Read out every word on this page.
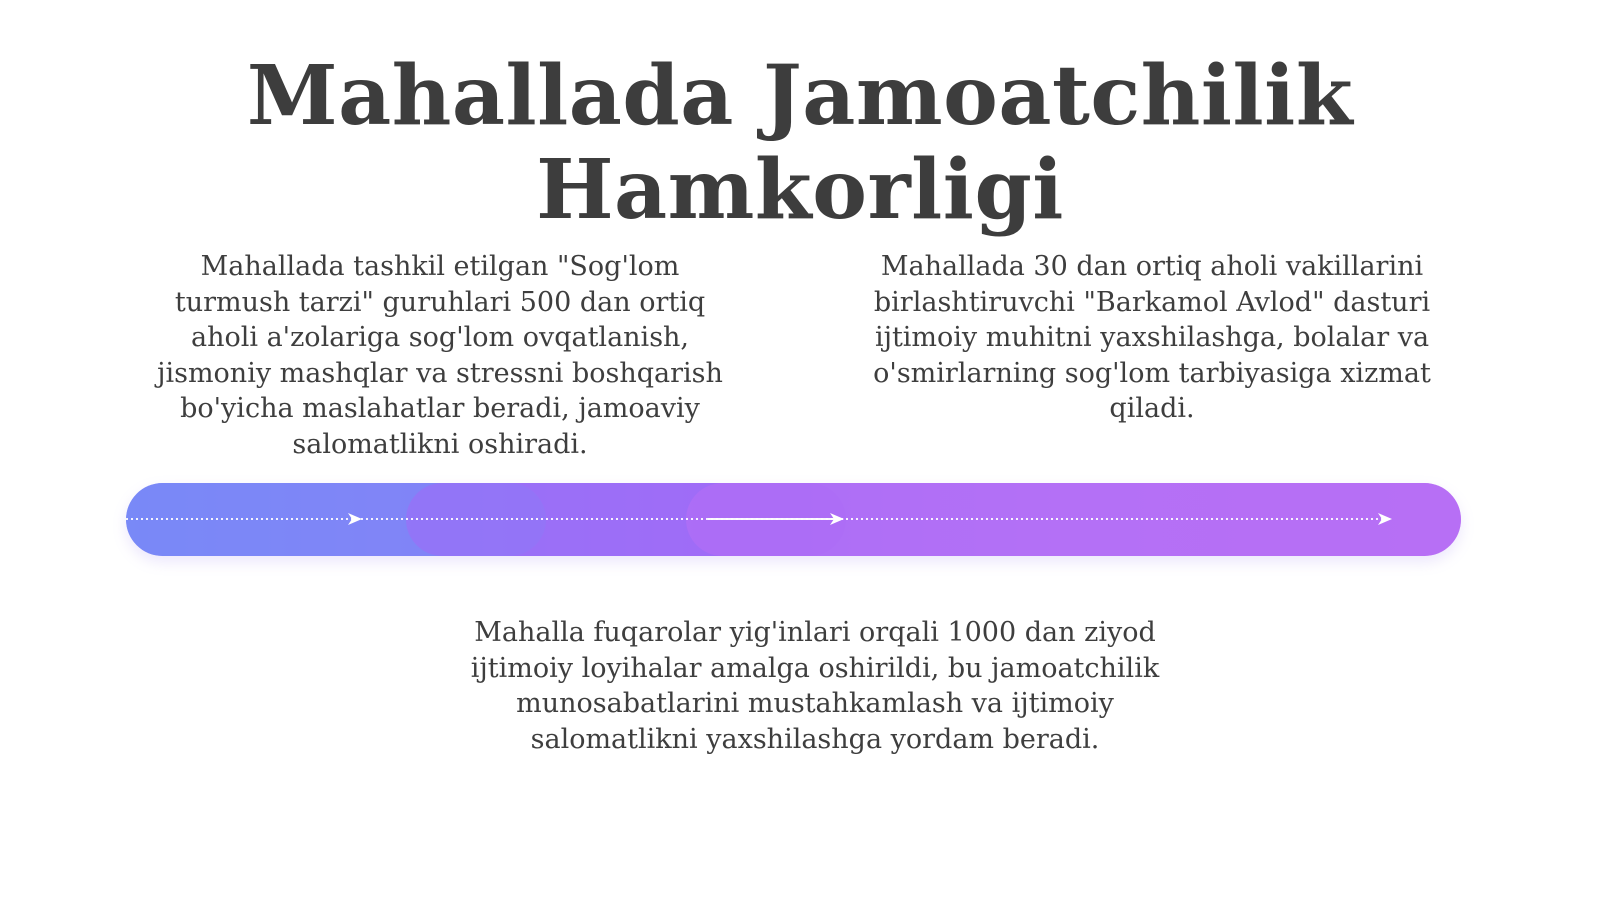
Mahallada Jamoatchilik
Hamkorligi

Mahallada tashkil etilgan "Sog'lom turmush tarzi" guruhlari 500 dan ortiq aholi a'zolariga sog'lom ovqatlanish, jismoniy mashqlar va stressni boshqarish bo'yicha maslahatlar beradi, jamoaviy salomatlikni oshiradi.

Mahallada 30 dan ortiq aholi vakillarini birlashtiruvchi "Barkamol Avlod" dasturi ijtimoiy muhitni yaxshilashga, bolalar va o'smirlarning sog'lom tarbiyasiga xizmat qiladi.

Mahalla fuqarolar yig'inlari orqali 1000 dan ziyod ijtimoiy loyihalar amalga oshirildi, bu jamoatchilik munosabatlarini mustahkamlash va ijtimoiy salomatlikni yaxshilashga yordam beradi.
